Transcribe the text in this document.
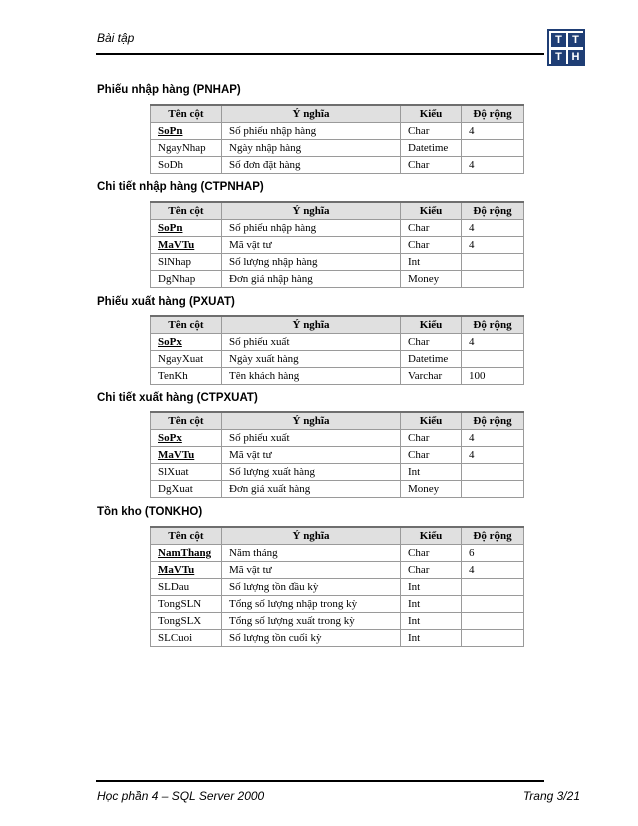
Bài tập	T T
T H
Phiếu nhập hàng (PNHAP)
Tên cột	Ý nghĩa	Kiểu	Độ rộng
SoPn	Số phiếu nhập hàng	Char	4
NgayNhap	Ngày nhập hàng	Datetime	
SoDh	Số đơn đặt hàng	Char	4
Chi tiết nhập hàng (CTPNHAP)
Tên cột	Ý nghĩa	Kiểu	Độ rộng
SoPn	Số phiếu nhập hàng	Char	4
MaVTu	Mã vật tư	Char	4
SlNhap	Số lượng nhập hàng	Int	
DgNhap	Đơn giá nhập hàng	Money	
Phiếu xuất hàng (PXUAT)
Tên cột	Ý nghĩa	Kiểu	Độ rộng
SoPx	Số phiếu xuất	Char	4
NgayXuat	Ngày xuất hàng	Datetime	
TenKh	Tên khách hàng	Varchar	100
Chi tiết xuất hàng (CTPXUAT)
Tên cột	Ý nghĩa	Kiểu	Độ rộng
SoPx	Số phiếu xuất	Char	4
MaVTu	Mã vật tư	Char	4
SlXuat	Số lượng xuất hàng	Int	
DgXuat	Đơn giá xuất hàng	Money	
Tồn kho (TONKHO)
Tên cột	Ý nghĩa	Kiểu	Độ rộng
NamThang	Năm tháng	Char	6
MaVTu	Mã vật tư	Char	4
SLDau	Số lượng tồn đầu kỳ	Int	
TongSLN	Tổng số lượng nhập trong kỳ	Int	
TongSLX	Tổng số lượng xuất trong kỳ	Int	
SLCuoi	Số lượng tồn cuối kỳ	Int	
Học phần 4 – SQL Server 2000	Trang 3/21
